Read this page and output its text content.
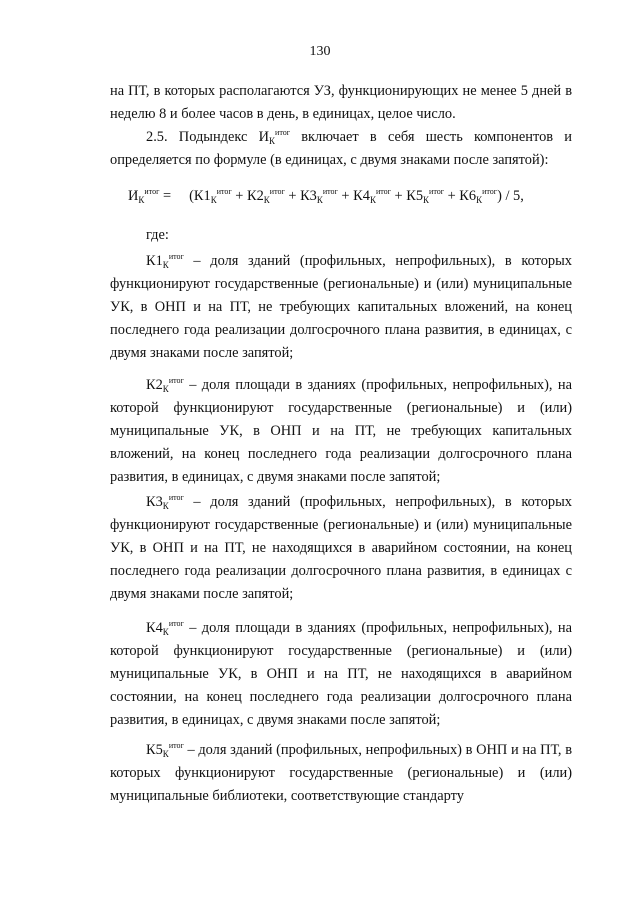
130

на ПТ, в которых располагаются УЗ, функционирующих не менее 5 дней в неделю 8 и более часов в день, в единицах, целое число.

2.5. Подындекс $И_К^{итог}$ включает в себя шесть компонентов и определяется по формуле (в единицах, с двумя знаками после запятой):

$И_К^{итог} = (К1_К^{итог} + К2_К^{итог} + К3_К^{итог} + К4_К^{итог} + К5_К^{итог} + К6_К^{итог}) / 5$,

где:

$К1_К^{итог}$ – доля зданий (профильных, непрофильных), в которых функционируют государственные (региональные) и (или) муниципальные УК, в ОНП и на ПТ, не требующих капитальных вложений, на конец последнего года реализации долгосрочного плана развития, в единицах, с двумя знаками после запятой;

$К2_К^{итог}$ – доля площади в зданиях (профильных, непрофильных), на которой функционируют государственные (региональные) и (или) муниципальные УК, в ОНП и на ПТ, не требующих капитальных вложений, на конец последнего года реализации долгосрочного плана развития, в единицах, с двумя знаками после запятой;

$К3_К^{итог}$ – доля зданий (профильных, непрофильных), в которых функционируют государственные (региональные) и (или) муниципальные УК, в ОНП и на ПТ, не находящихся в аварийном состоянии, на конец последнего года реализации долгосрочного плана развития, в единицах с двумя знаками после запятой;

$К4_К^{итог}$ – доля площади в зданиях (профильных, непрофильных), на которой функционируют государственные (региональные) и (или) муниципальные УК, в ОНП и на ПТ, не находящихся в аварийном состоянии, на конец последнего года реализации долгосрочного плана развития, в единицах, с двумя знаками после запятой;

$К5_К^{итог}$ – доля зданий (профильных, непрофильных) в ОНП и на ПТ, в которых функционируют государственные (региональные) и (или) муниципальные библиотеки, соответствующие стандарту
